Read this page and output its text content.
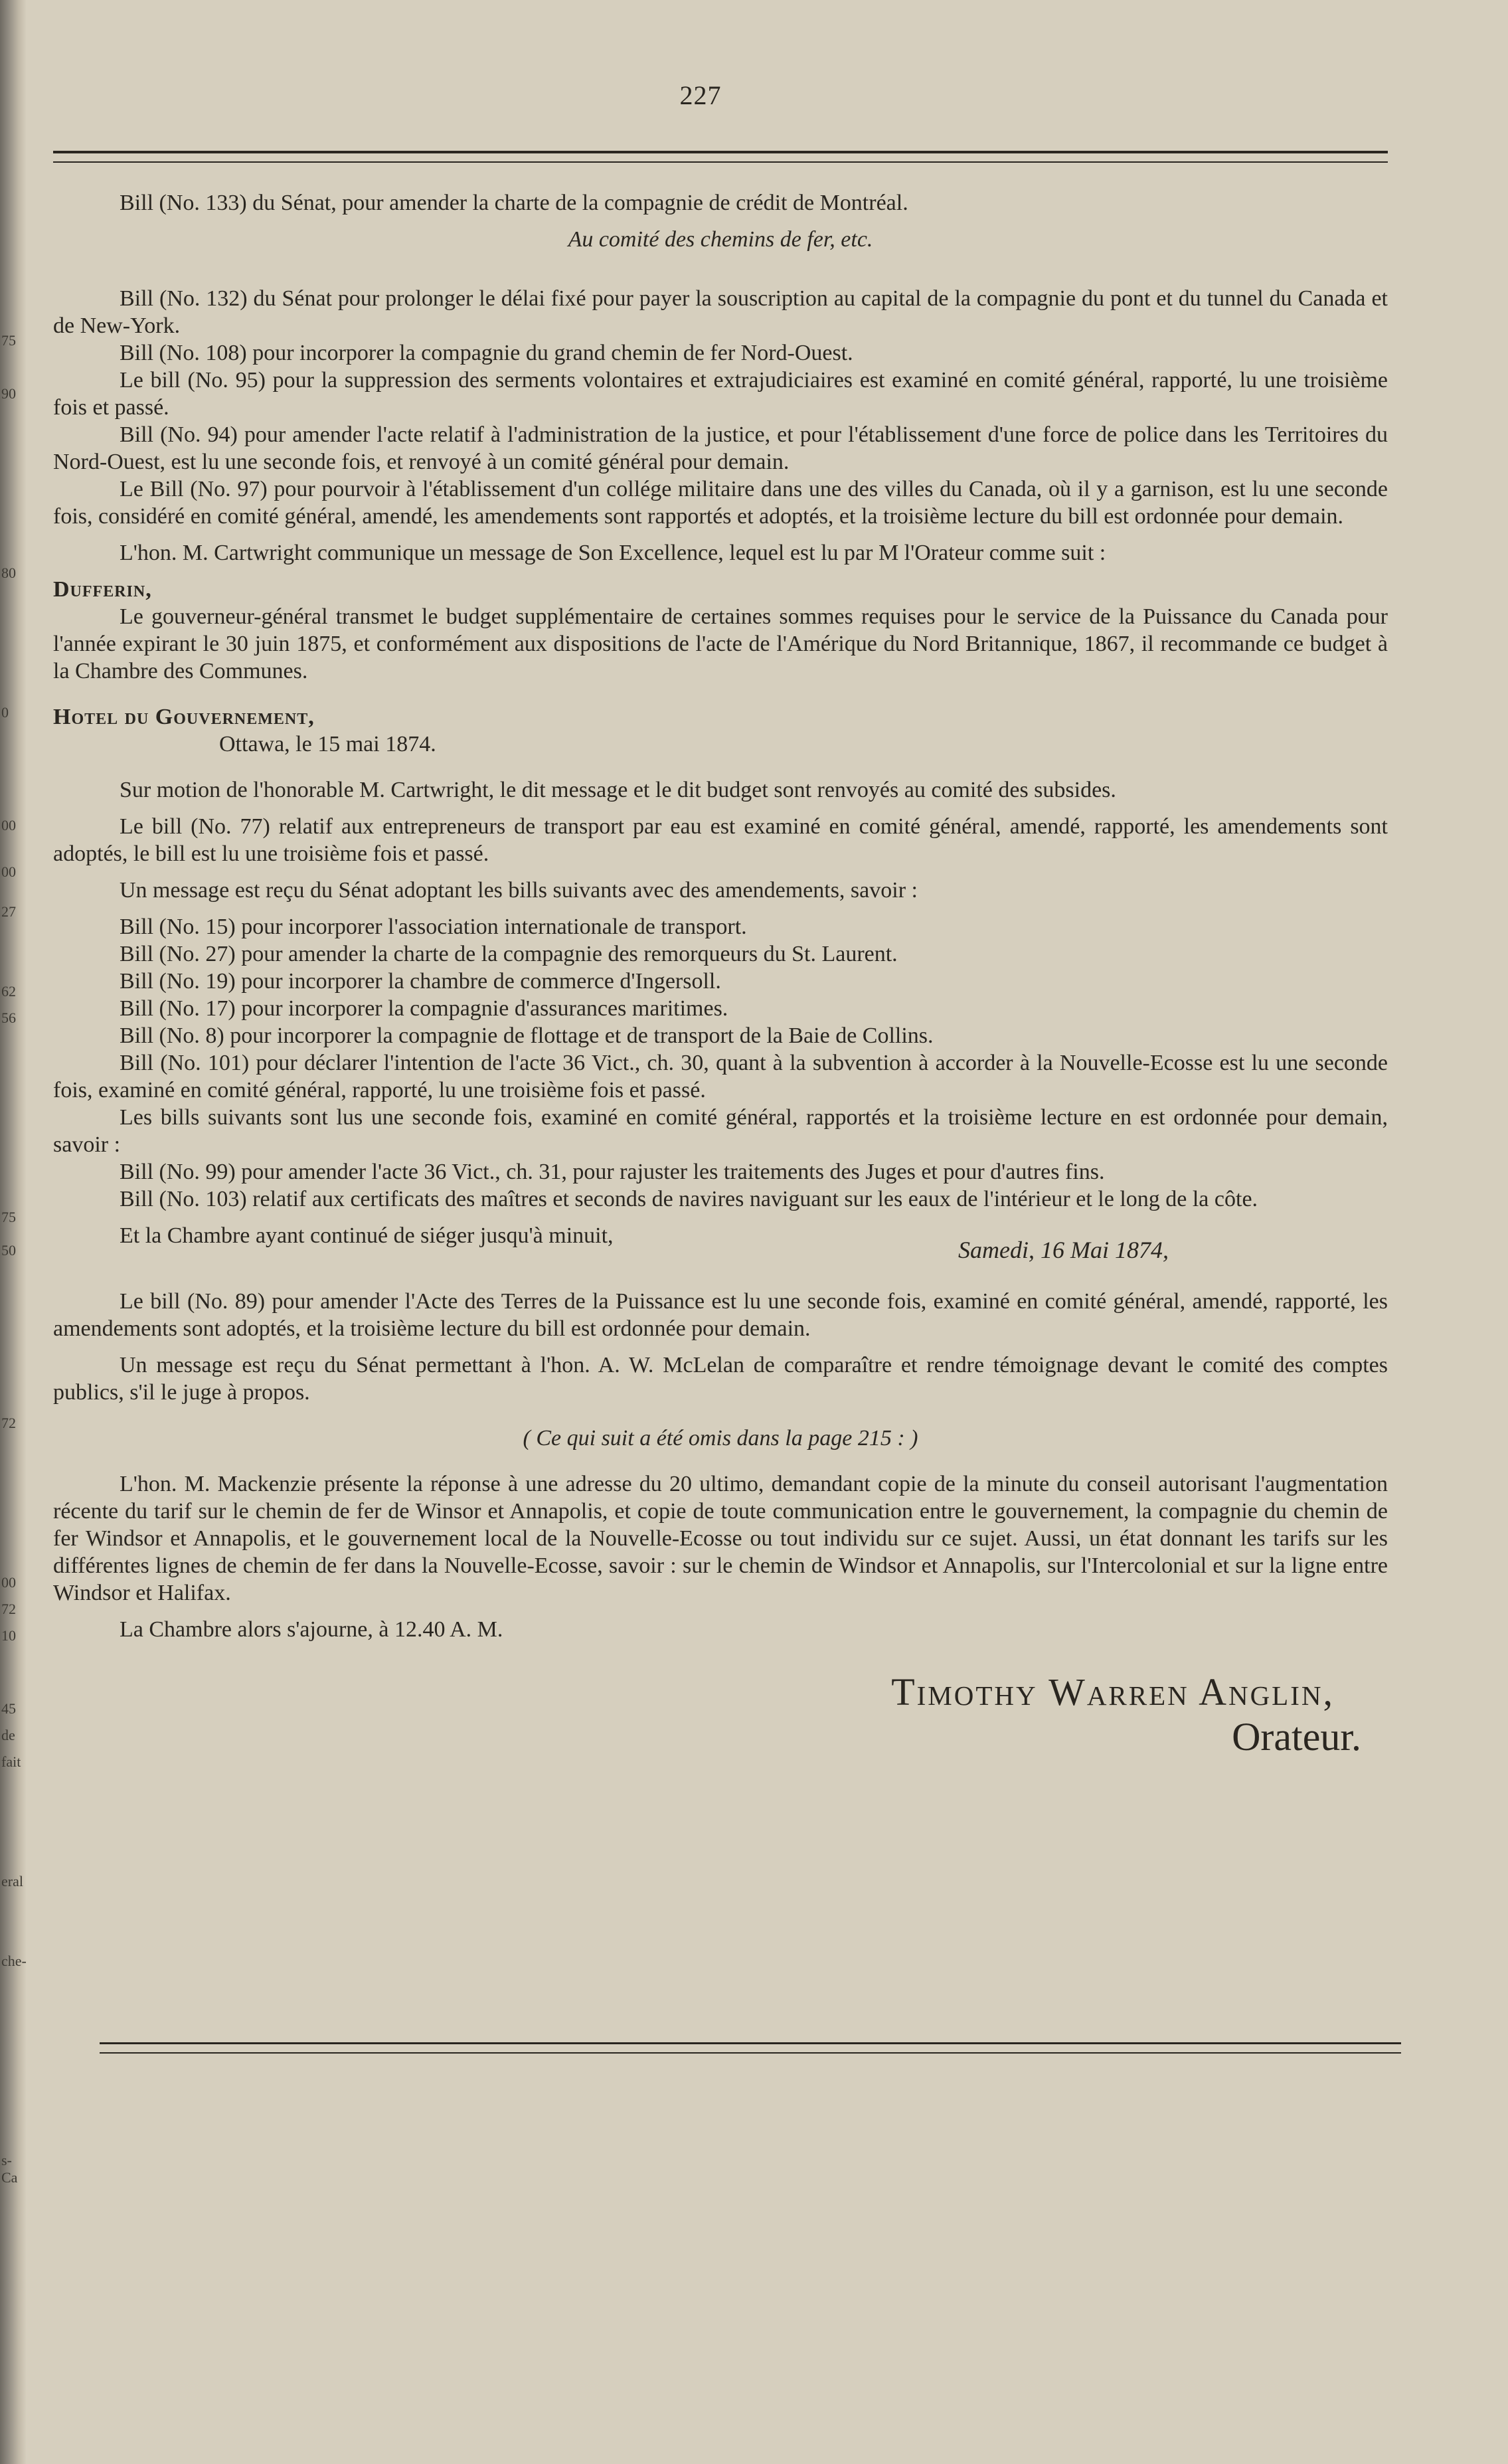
75
90
0
80
00
00
27
62
56
75
50
72
00
72
10
45
de
fait
eral
che-
s-Ca
227

Bill (No. 133) du Sénat, pour amender la charte de la compagnie de crédit de Montréal.

Au comité des chemins de fer, etc.

Bill (No. 132) du Sénat pour prolonger le délai fixé pour payer la souscription au capital de la compagnie du pont et du tunnel du Canada et de New-York.

Bill (No. 108) pour incorporer la compagnie du grand chemin de fer Nord-Ouest.

Le bill (No. 95) pour la suppression des serments volontaires et extrajudiciaires est examiné en comité général, rapporté, lu une troisième fois et passé.

Bill (No. 94) pour amender l'acte relatif à l'administration de la justice, et pour l'établissement d'une force de police dans les Territoires du Nord-Ouest, est lu une seconde fois, et renvoyé à un comité général pour demain.

Le Bill (No. 97) pour pourvoir à l'établissement d'un collége militaire dans une des villes du Canada, où il y a garnison, est lu une seconde fois, considéré en comité général, amendé, les amendements sont rapportés et adoptés, et la troisième lecture du bill est ordonnée pour demain.

L'hon. M. Cartwright communique un message de Son Excellence, lequel est lu par M l'Orateur comme suit :

Dufferin,

Le gouverneur-général transmet le budget supplémentaire de certaines sommes requises pour le service de la Puissance du Canada pour l'année expirant le 30 juin 1875, et conformément aux dispositions de l'acte de l'Amérique du Nord Britannique, 1867, il recommande ce budget à la Chambre des Communes.

Hotel du Gouvernement,

Ottawa, le 15 mai 1874.

Sur motion de l'honorable M. Cartwright, le dit message et le dit budget sont renvoyés au comité des subsides.

Le bill (No. 77) relatif aux entrepreneurs de transport par eau est examiné en comité général, amendé, rapporté, les amendements sont adoptés, le bill est lu une troisième fois et passé.

Un message est reçu du Sénat adoptant les bills suivants avec des amendements, savoir :

Bill (No. 15) pour incorporer l'association internationale de transport.

Bill (No. 27) pour amender la charte de la compagnie des remorqueurs du St. Laurent.

Bill (No. 19) pour incorporer la chambre de commerce d'Ingersoll.

Bill (No. 17) pour incorporer la compagnie d'assurances maritimes.

Bill (No. 8) pour incorporer la compagnie de flottage et de transport de la Baie de Collins.

Bill (No. 101) pour déclarer l'intention de l'acte 36 Vict., ch. 30, quant à la subvention à accorder à la Nouvelle-Ecosse est lu une seconde fois, examiné en comité général, rapporté, lu une troisième fois et passé.

Les bills suivants sont lus une seconde fois, examiné en comité général, rapportés et la troisième lecture en est ordonnée pour demain, savoir :

Bill (No. 99) pour amender l'acte 36 Vict., ch. 31, pour rajuster les traitements des Juges et pour d'autres fins.

Bill (No. 103) relatif aux certificats des maîtres et seconds de navires naviguant sur les eaux de l'intérieur et le long de la côte.

Et la Chambre ayant continué de siéger jusqu'à minuit,

Samedi, 16 Mai 1874,

Le bill (No. 89) pour amender l'Acte des Terres de la Puissance est lu une seconde fois, examiné en comité général, amendé, rapporté, les amendements sont adoptés, et la troisième lecture du bill est ordonnée pour demain.

Un message est reçu du Sénat permettant à l'hon. A. W. McLelan de comparaître et rendre témoignage devant le comité des comptes publics, s'il le juge à propos.

( Ce qui suit a été omis dans la page 215 : )

L'hon. M. Mackenzie présente la réponse à une adresse du 20 ultimo, demandant copie de la minute du conseil autorisant l'augmentation récente du tarif sur le chemin de fer de Winsor et Annapolis, et copie de toute communication entre le gouvernement, la compagnie du chemin de fer Windsor et Annapolis, et le gouvernement local de la Nouvelle-Ecosse ou tout individu sur ce sujet. Aussi, un état donnant les tarifs sur les différentes lignes de chemin de fer dans la Nouvelle-Ecosse, savoir : sur le chemin de Windsor et Annapolis, sur l'Intercolonial et sur la ligne entre Windsor et Halifax.

La Chambre alors s'ajourne, à 12.40 A. M.

Timothy Warren Anglin,
Orateur.
